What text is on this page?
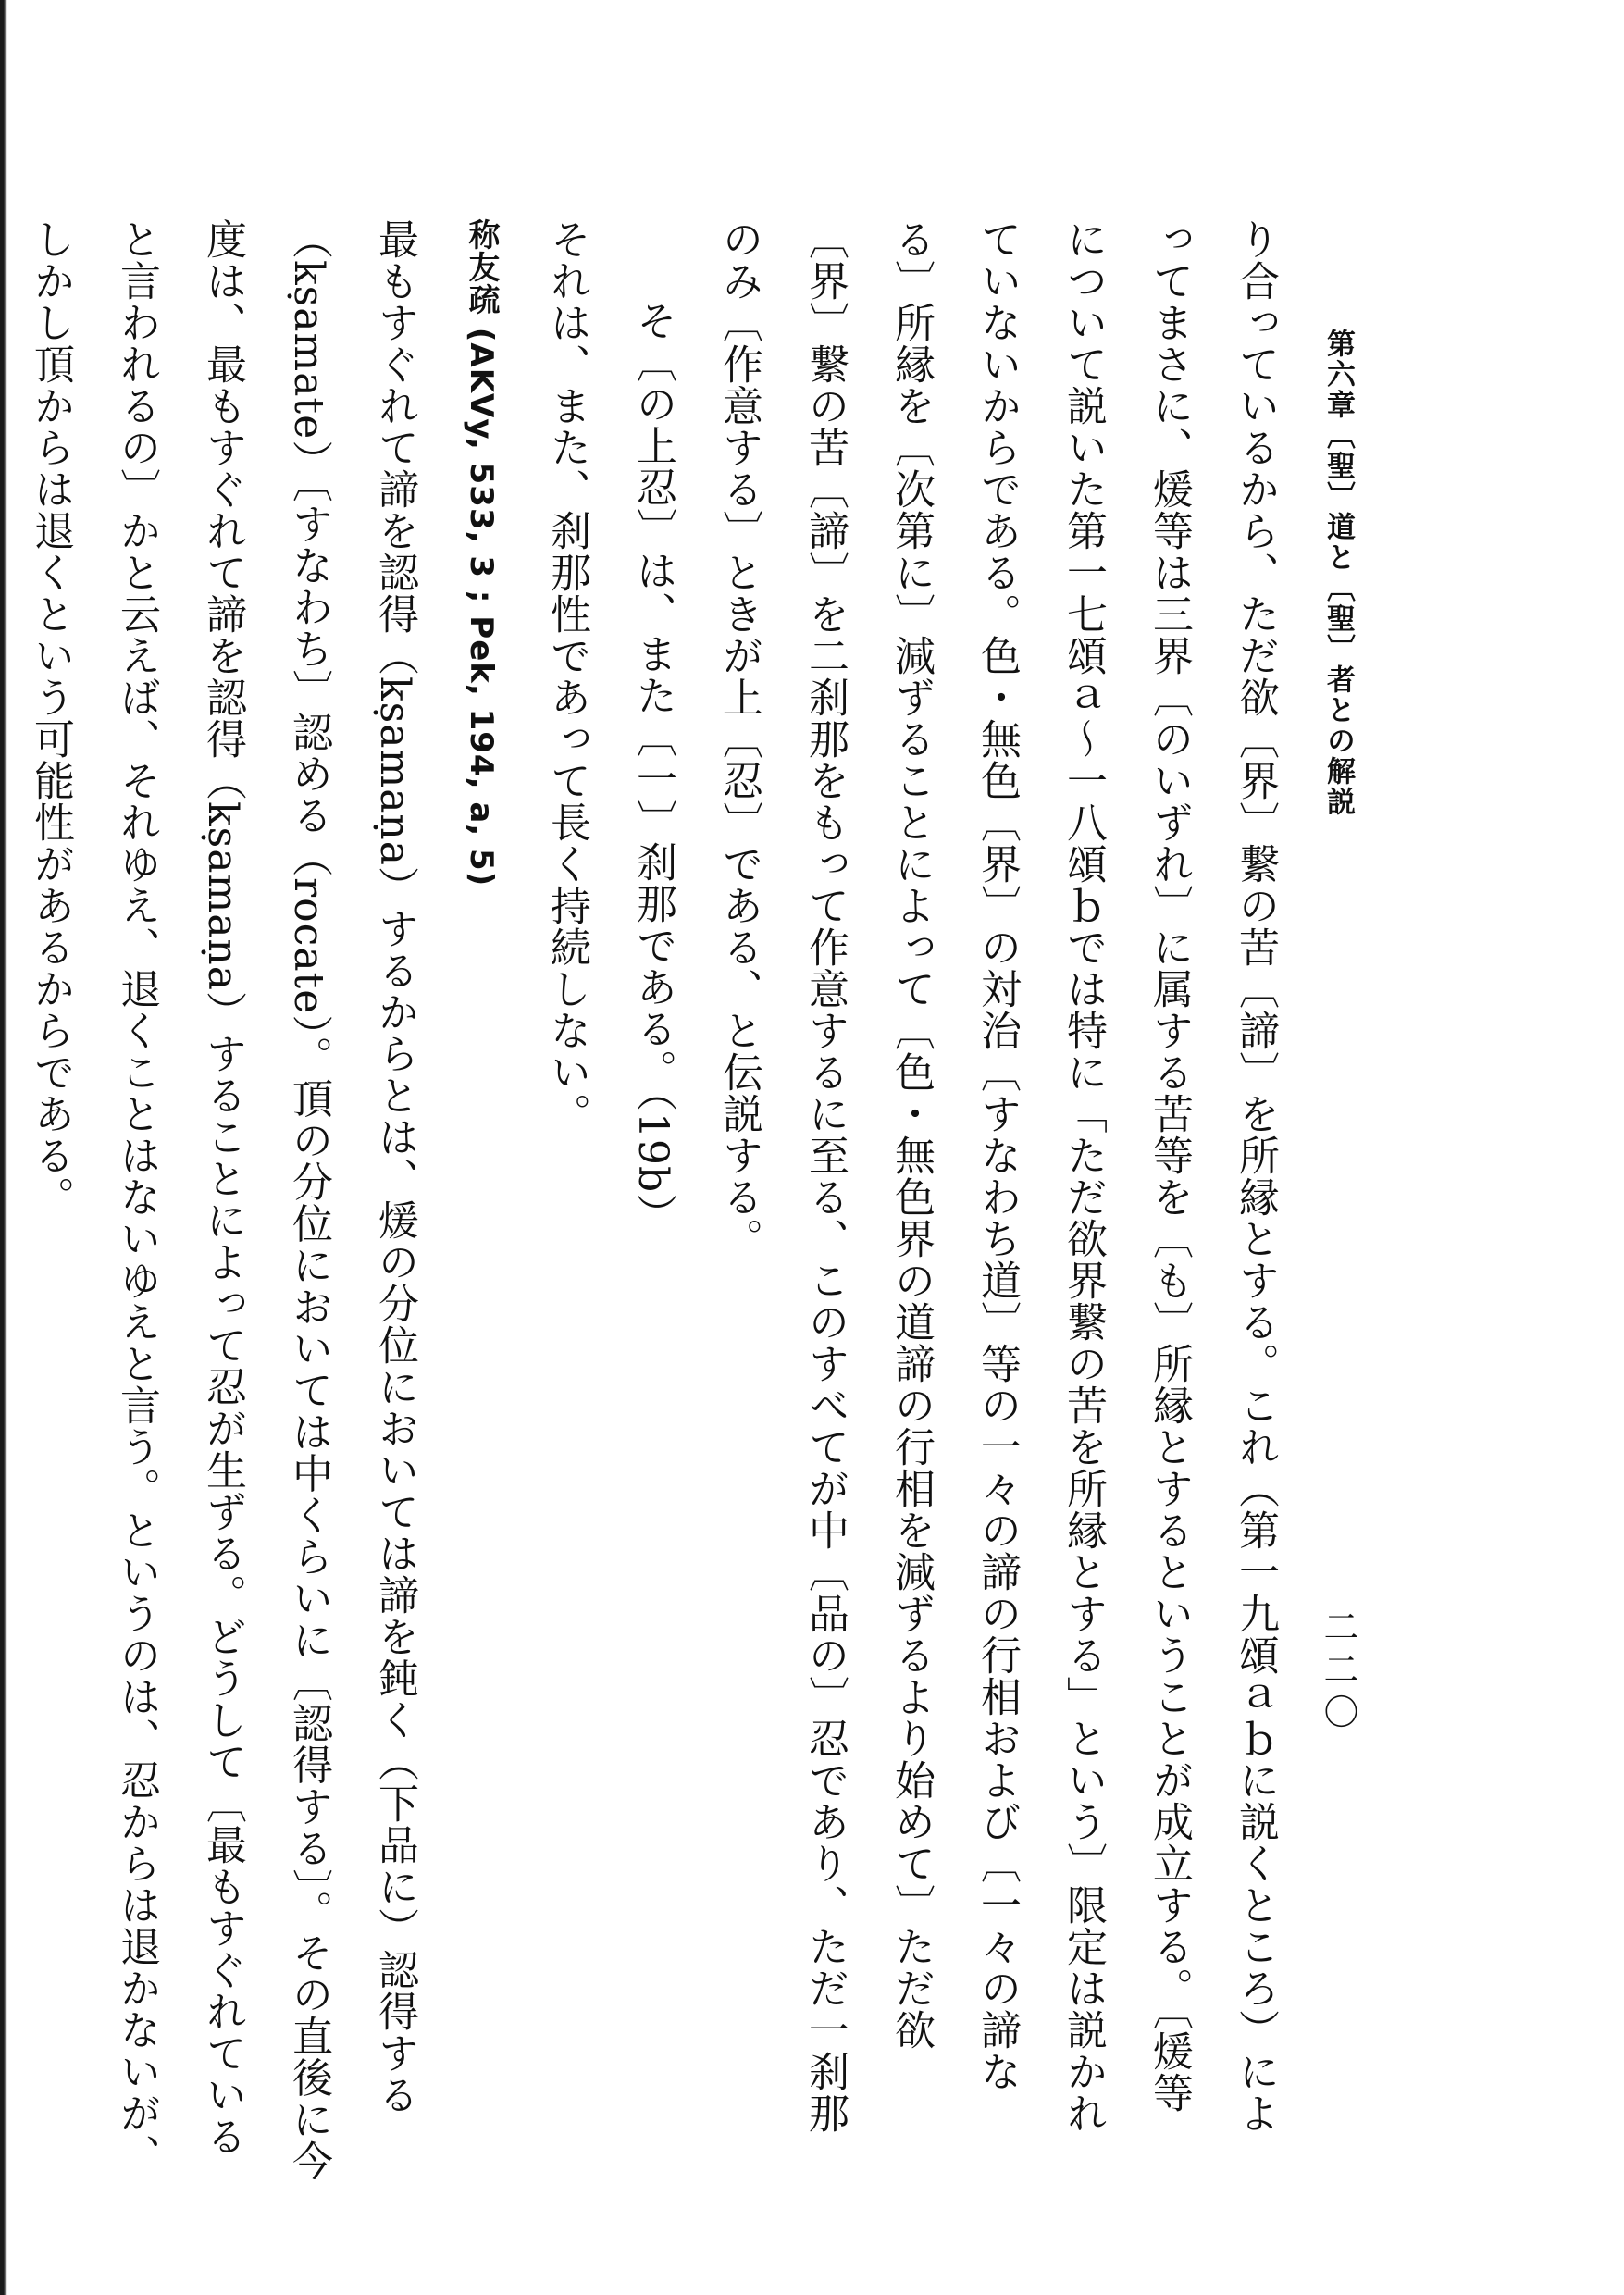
第六章〔聖〕道と〔聖〕者との解説
二二〇
り合っているから、ただ欲〔界〕繋の苦〔諦〕を所縁とする。これ（第一九頌ａｂに説くところ）によ
ってまさに、煖等は三界〔のいずれ〕に属する苦等を〔も〕所縁とするということが成立する。〔煖等
について説いた第一七頌ａ〜一八頌ｂでは特に「ただ欲界繋の苦を所縁とする」という〕限定は説かれ
ていないからである。色・無色〔界〕の対治〔すなわち道〕等の一々の諦の行相および〔一々の諦な
る〕所縁を〔次第に〕減ずることによって〔色・無色界の道諦の行相を減ずるより始めて〕ただ欲
〔界〕繋の苦〔諦〕を二刹那をもって作意するに至る、このすべてが中〔品の〕忍であり、ただ一刹那
のみ〔作意する〕ときが上〔忍〕である、と伝説する。
そ〔の上忍〕は、また〔一〕刹那である。（19b）
それは、また、刹那性であって長く持続しない。
称友疏 (AKVy, 533, 3 ; Pek, 194, a, 5)
最もすぐれて諦を認得（kṣamaṇa）するからとは、煖の分位においては諦を鈍く（下品に）認得する
（kṣamate）〔すなわち〕認める（rocate）。頂の分位においては中くらいに〔認得する〕。その直後に今
度は、最もすぐれて諦を認得（kṣamaṇa）することによって忍が生ずる。どうして〔最もすぐれている
と言われるの〕かと云えば、それゆえ、退くことはないゆえと言う。というのは、忍からは退かないが、
しかし頂からは退くという可能性があるからである。
